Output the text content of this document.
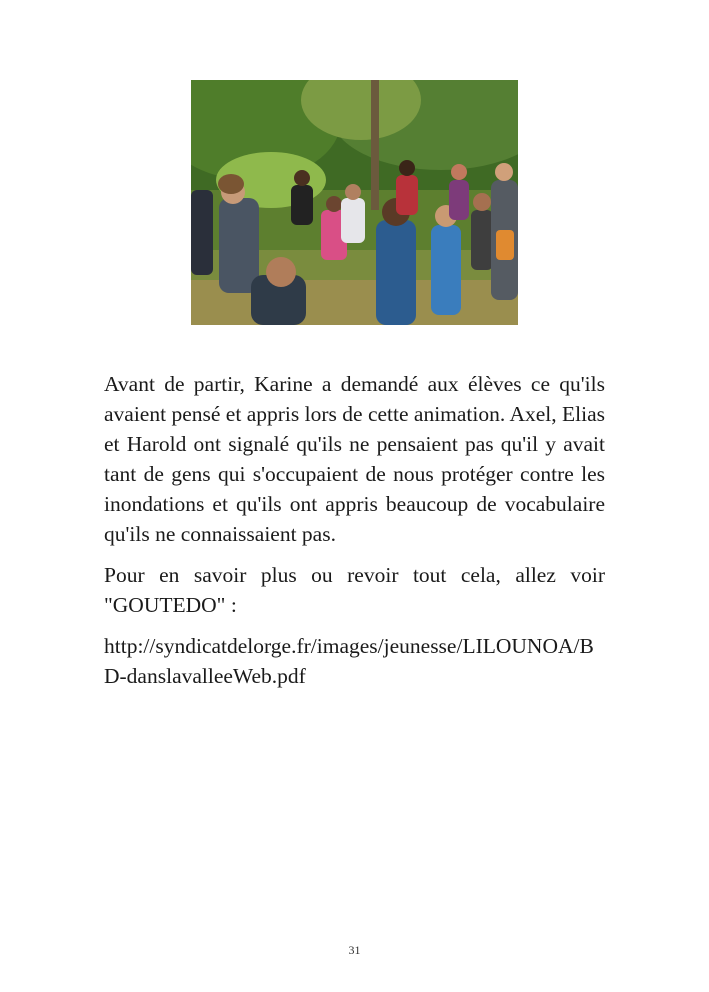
Avant de partir, Karine a demandé aux élèves ce qu'ils avaient pensé et appris lors de cette animation. Axel, Elias et Harold ont signalé qu'ils ne pensaient pas qu'il y avait tant de gens qui s'occupaient de nous protéger contre les inondations et qu'ils ont appris beaucoup de vocabulaire qu'ils ne connaissaient pas.

Pour en savoir plus ou revoir tout cela, allez voir "GOUTEDO" :

http://syndicatdelorge.fr/images/jeunesse/LILOUNOA/BD-danslavalleeWeb.pdf

31
